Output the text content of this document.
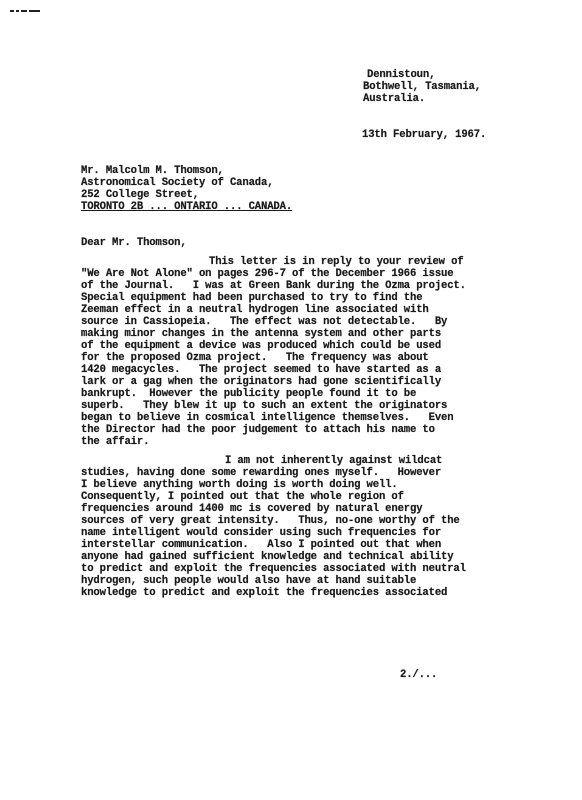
Dennistoun,
Bothwell, Tasmania,
Australia.
13th February, 1967.
Mr. Malcolm M. Thomson,
Astronomical Society of Canada,
252 College Street,
TORONTO 2B ... ONTARIO ... CANADA.
Dear Mr. Thomson,
This letter is in reply to your review of
"We Are Not Alone" on pages 296-7 of the December 1966 issue
of the Journal.   I was at Green Bank during the Ozma project.
Special equipment had been purchased to try to find the
Zeeman effect in a neutral hydrogen line associated with
source in Cassiopeia.   The effect was not detectable.   By
making minor changes in the antenna system and other parts
of the equipment a device was produced which could be used
for the proposed Ozma project.   The frequency was about
1420 megacycles.   The project seemed to have started as a
lark or a gag when the originators had gone scientifically
bankrupt.  However the publicity people found it to be
superb.   They blew it up to such an extent the originators
began to believe in cosmical intelligence themselves.   Even
the Director had the poor judgement to attach his name to
the affair.
I am not inherently against wildcat
studies, having done some rewarding ones myself.   However
I believe anything worth doing is worth doing well.
Consequently, I pointed out that the whole region of
frequencies around 1400 mc is covered by natural energy
sources of very great intensity.   Thus, no-one worthy of the
name intelligent would consider using such frequencies for
interstellar communication.   Also I pointed out that when
anyone had gained sufficient knowledge and technical ability
to predict and exploit the frequencies associated with neutral
hydrogen, such people would also have at hand suitable
knowledge to predict and exploit the frequencies associated
2./...
